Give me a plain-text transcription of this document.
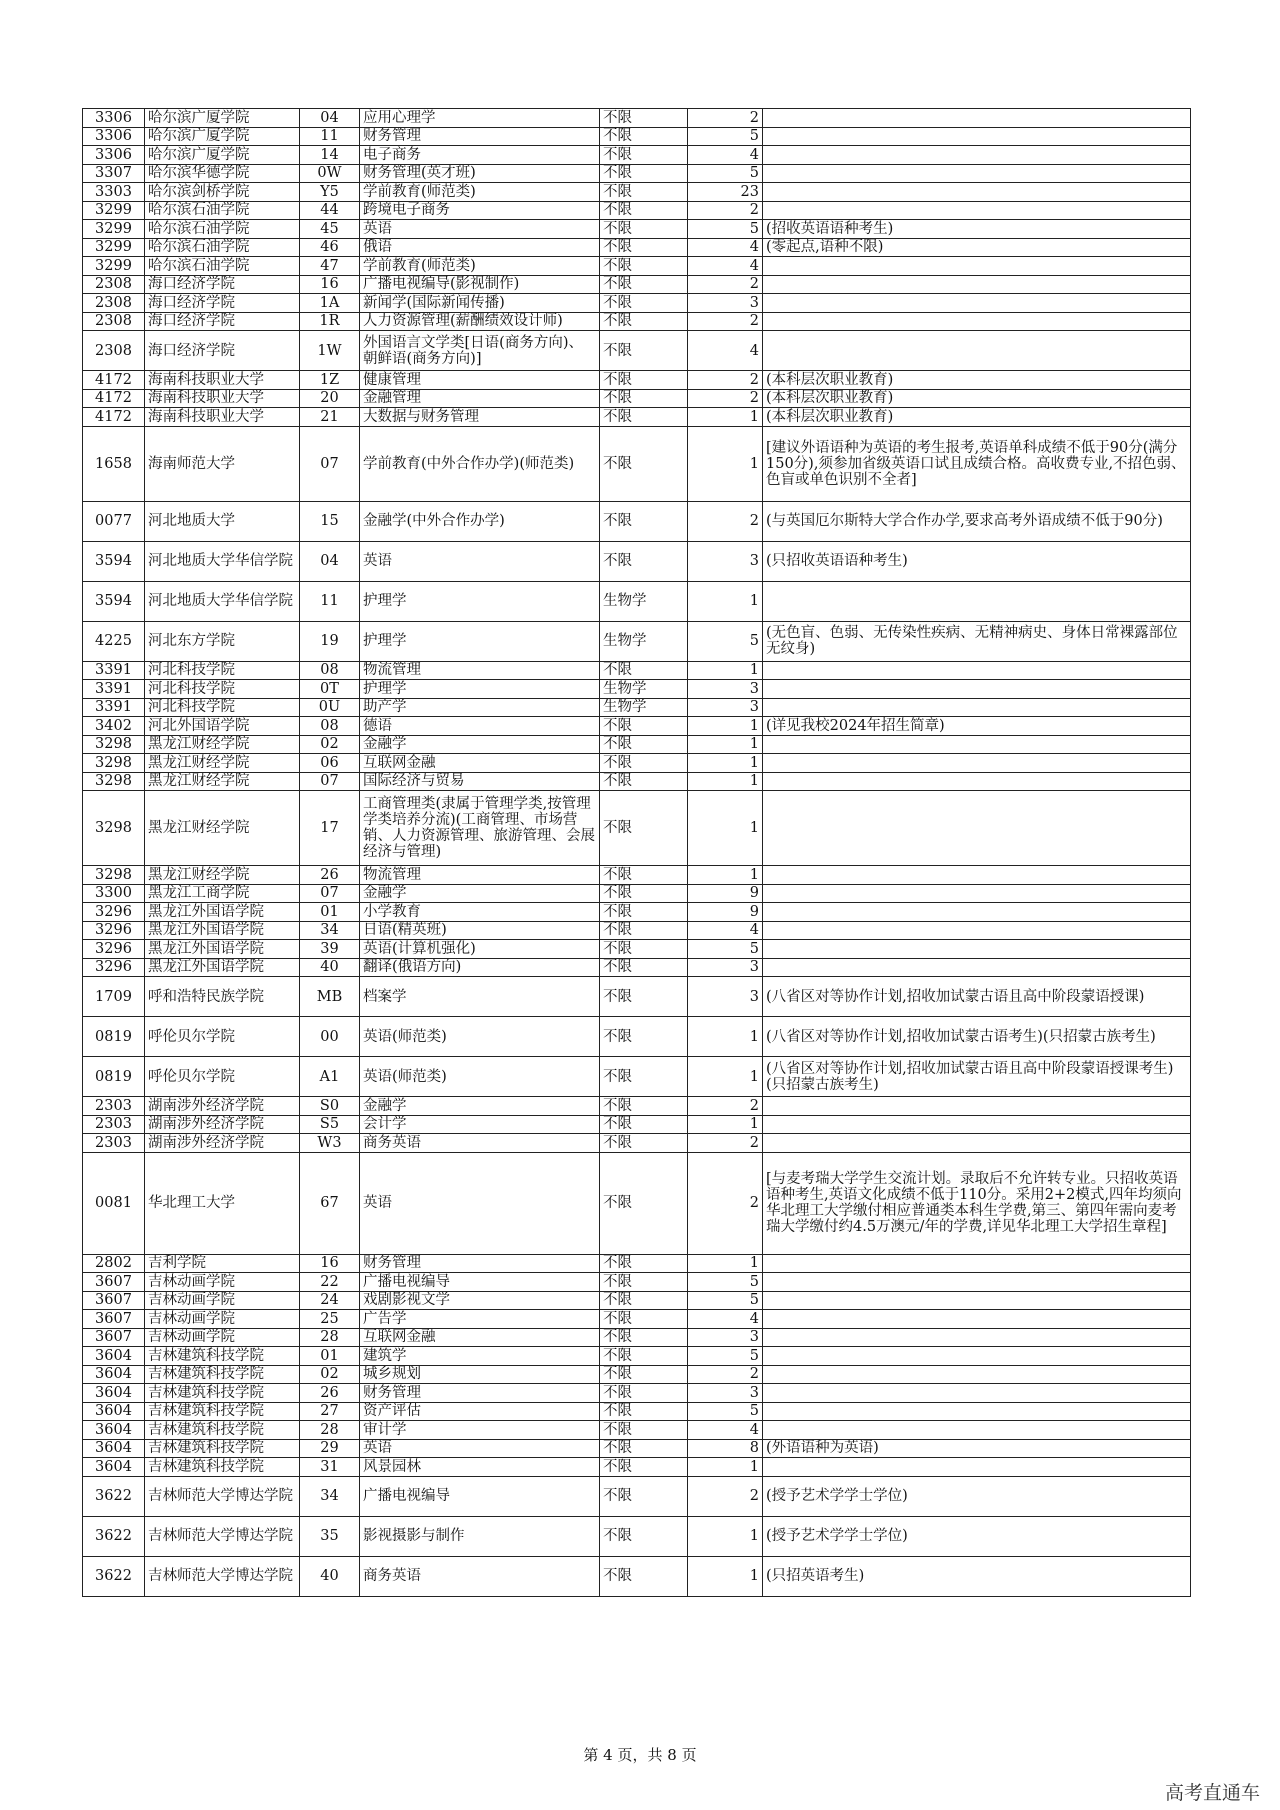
3306	哈尔滨广厦学院	04	应用心理学	不限	2	
3306	哈尔滨广厦学院	11	财务管理	不限	5	
3306	哈尔滨广厦学院	14	电子商务	不限	4	
3307	哈尔滨华德学院	0W	财务管理(英才班)	不限	5	
3303	哈尔滨剑桥学院	Y5	学前教育(师范类)	不限	23	
3299	哈尔滨石油学院	44	跨境电子商务	不限	2	
3299	哈尔滨石油学院	45	英语	不限	5	(招收英语语种考生)
3299	哈尔滨石油学院	46	俄语	不限	4	(零起点,语种不限)
3299	哈尔滨石油学院	47	学前教育(师范类)	不限	4	
2308	海口经济学院	16	广播电视编导(影视制作)	不限	2	
2308	海口经济学院	1A	新闻学(国际新闻传播)	不限	3	
2308	海口经济学院	1R	人力资源管理(薪酬绩效设计师)	不限	2	
2308	海口经济学院	1W	外国语言文学类[日语(商务方向)、朝鲜语(商务方向)]	不限	4	
4172	海南科技职业大学	1Z	健康管理	不限	2	(本科层次职业教育)
4172	海南科技职业大学	20	金融管理	不限	2	(本科层次职业教育)
4172	海南科技职业大学	21	大数据与财务管理	不限	1	(本科层次职业教育)
1658	海南师范大学	07	学前教育(中外合作办学)(师范类)	不限	1	[建议外语语种为英语的考生报考,英语单科成绩不低于90分(满分150分),须参加省级英语口试且成绩合格。高收费专业,不招色弱、色盲或单色识别不全者]
0077	河北地质大学	15	金融学(中外合作办学)	不限	2	(与英国厄尔斯特大学合作办学,要求高考外语成绩不低于90分)
3594	河北地质大学华信学院	04	英语	不限	3	(只招收英语语种考生)
3594	河北地质大学华信学院	11	护理学	生物学	1	
4225	河北东方学院	19	护理学	生物学	5	(无色盲、色弱、无传染性疾病、无精神病史、身体日常裸露部位无纹身)
3391	河北科技学院	08	物流管理	不限	1	
3391	河北科技学院	0T	护理学	生物学	3	
3391	河北科技学院	0U	助产学	生物学	3	
3402	河北外国语学院	08	德语	不限	1	(详见我校2024年招生简章)
3298	黑龙江财经学院	02	金融学	不限	1	
3298	黑龙江财经学院	06	互联网金融	不限	1	
3298	黑龙江财经学院	07	国际经济与贸易	不限	1	
3298	黑龙江财经学院	17	工商管理类(隶属于管理学类,按管理学类培养分流)(工商管理、市场营销、人力资源管理、旅游管理、会展经济与管理)	不限	1	
3298	黑龙江财经学院	26	物流管理	不限	1	
3300	黑龙江工商学院	07	金融学	不限	9	
3296	黑龙江外国语学院	01	小学教育	不限	9	
3296	黑龙江外国语学院	34	日语(精英班)	不限	4	
3296	黑龙江外国语学院	39	英语(计算机强化)	不限	5	
3296	黑龙江外国语学院	40	翻译(俄语方向)	不限	3	
1709	呼和浩特民族学院	MB	档案学	不限	3	(八省区对等协作计划,招收加试蒙古语且高中阶段蒙语授课)
0819	呼伦贝尔学院	00	英语(师范类)	不限	1	(八省区对等协作计划,招收加试蒙古语考生)(只招蒙古族考生)
0819	呼伦贝尔学院	A1	英语(师范类)	不限	1	(八省区对等协作计划,招收加试蒙古语且高中阶段蒙语授课考生)(只招蒙古族考生)
2303	湖南涉外经济学院	S0	金融学	不限	2	
2303	湖南涉外经济学院	S5	会计学	不限	1	
2303	湖南涉外经济学院	W3	商务英语	不限	2	
0081	华北理工大学	67	英语	不限	2	[与麦考瑞大学学生交流计划。录取后不允许转专业。只招收英语语种考生,英语文化成绩不低于110分。采用2+2模式,四年均须向华北理工大学缴付相应普通类本科生学费,第三、第四年需向麦考瑞大学缴付约4.5万澳元/年的学费,详见华北理工大学招生章程]
2802	吉利学院	16	财务管理	不限	1	
3607	吉林动画学院	22	广播电视编导	不限	5	
3607	吉林动画学院	24	戏剧影视文学	不限	5	
3607	吉林动画学院	25	广告学	不限	4	
3607	吉林动画学院	28	互联网金融	不限	3	
3604	吉林建筑科技学院	01	建筑学	不限	5	
3604	吉林建筑科技学院	02	城乡规划	不限	2	
3604	吉林建筑科技学院	26	财务管理	不限	3	
3604	吉林建筑科技学院	27	资产评估	不限	5	
3604	吉林建筑科技学院	28	审计学	不限	4	
3604	吉林建筑科技学院	29	英语	不限	8	(外语语种为英语)
3604	吉林建筑科技学院	31	风景园林	不限	1	
3622	吉林师范大学博达学院	34	广播电视编导	不限	2	(授予艺术学学士学位)
3622	吉林师范大学博达学院	35	影视摄影与制作	不限	1	(授予艺术学学士学位)
3622	吉林师范大学博达学院	40	商务英语	不限	1	(只招英语考生)
第 4 页，共 8 页
高考直通车
